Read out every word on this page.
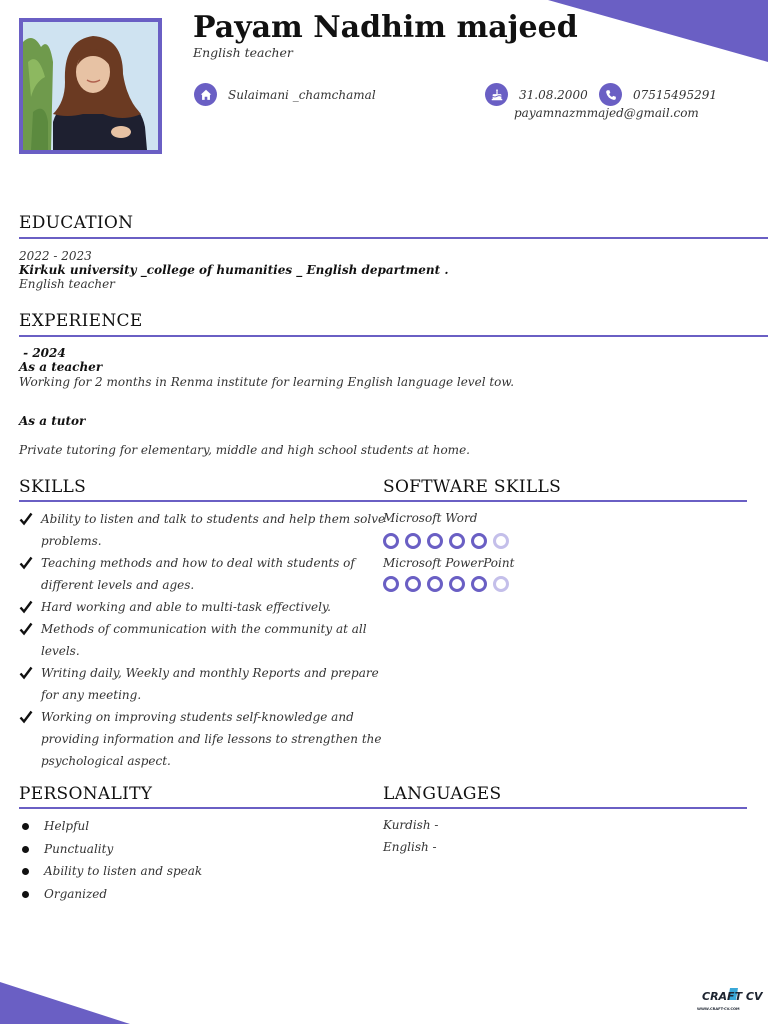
Payam Nadhim majeed
English teacher
Sulaimani _chamchamal	31.08.2000	07515495291
payamnazmmajed@gmail.com
EDUCATION
2022 - 2023
Kirkuk university _college of humanities _ English department .
English teacher
EXPERIENCE
- 2024
As a teacher
Working for 2 months in Renma institute for learning English language level tow.
As a tutor
Private tutoring for elementary, middle and high school students at home.
SKILLS
Ability to listen and talk to students and help them solve problems.
Teaching methods and how to deal with students of different levels and ages.
Hard working and able to multi-task effectively.
Methods of communication with the community at all levels.
Writing daily, Weekly and monthly Reports and prepare for any meeting.
Working on improving students self-knowledge and providing information and life lessons to strengthen the psychological aspect.
SOFTWARE SKILLS
Microsoft Word
Microsoft PowerPoint
PERSONALITY
Helpful
Punctuality
Ability to listen and speak
Organized
LANGUAGES
Kurdish -
English -
CRAFT CV
WWW.CRAFT-CV.COM
